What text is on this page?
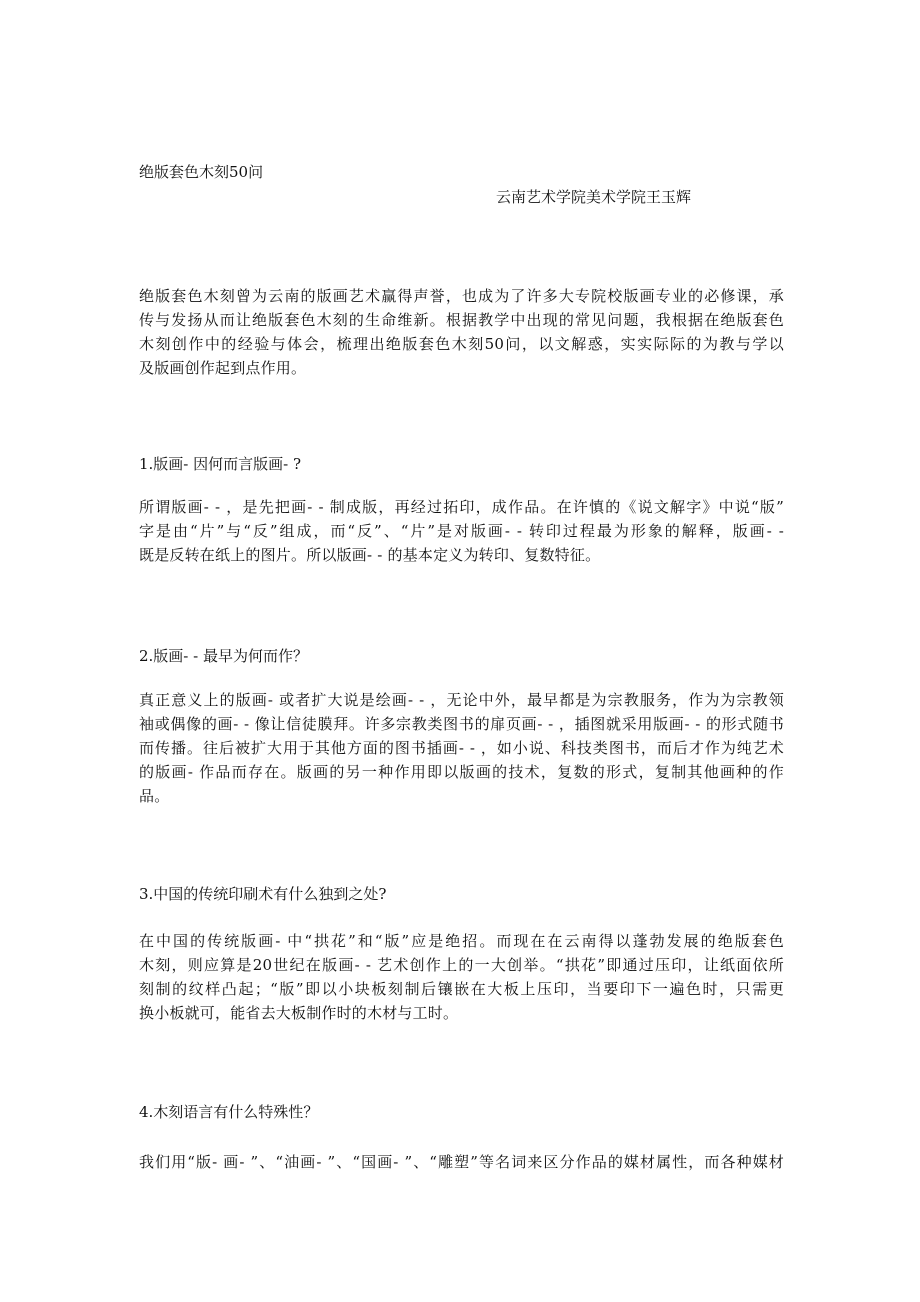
绝版套色木刻50问
云南艺术学院美术学院王玉辉
绝版套色木刻曾为云南的版画艺术赢得声誉，也成为了许多大专院校版画专业的必修课，承
传与发扬从而让绝版套色木刻的生命维新。根据教学中出现的常见问题，我根据在绝版套色
木刻创作中的经验与体会，梳理出绝版套色木刻50问，以文解惑，实实际际的为教与学以
及版画创作起到点作用。
1.版画- 因何而言版画- ?
所谓版画- - ，是先把画- - 制成版，再经过拓印，成作品。在许慎的《说文解字》中说“版”
字是由“片”与“反”组成，而“反”、“片”是对版画- - 转印过程最为形象的解释，版画- -
既是反转在纸上的图片。所以版画- - 的基本定义为转印、复数特征。
2.版画- - 最早为何而作？
真正意义上的版画- 或者扩大说是绘画- - ，无论中外，最早都是为宗教服务，作为为宗教领
袖或偶像的画- - 像让信徒膜拜。许多宗教类图书的扉页画- - ，插图就采用版画- - 的形式随书
而传播。往后被扩大用于其他方面的图书插画- - ，如小说、科技类图书，而后才作为纯艺术
的版画- 作品而存在。版画的另一种作用即以版画的技术，复数的形式，复制其他画种的作
品。
3.中国的传统印刷术有什么独到之处?
在中国的传统版画- 中“拱花”和“版”应是绝招。而现在在云南得以蓬勃发展的绝版套色
木刻，则应算是20世纪在版画- - 艺术创作上的一大创举。“拱花”即通过压印，让纸面依所
刻制的纹样凸起；“版”即以小块板刻制后镶嵌在大板上压印，当要印下一遍色时，只需更
换小板就可，能省去大板制作时的木材与工时。
4.木刻语言有什么特殊性？
我们用“版- 画- ”、“油画- ”、“国画- ”、“雕塑”等名词来区分作品的媒材属性，而各种媒材
